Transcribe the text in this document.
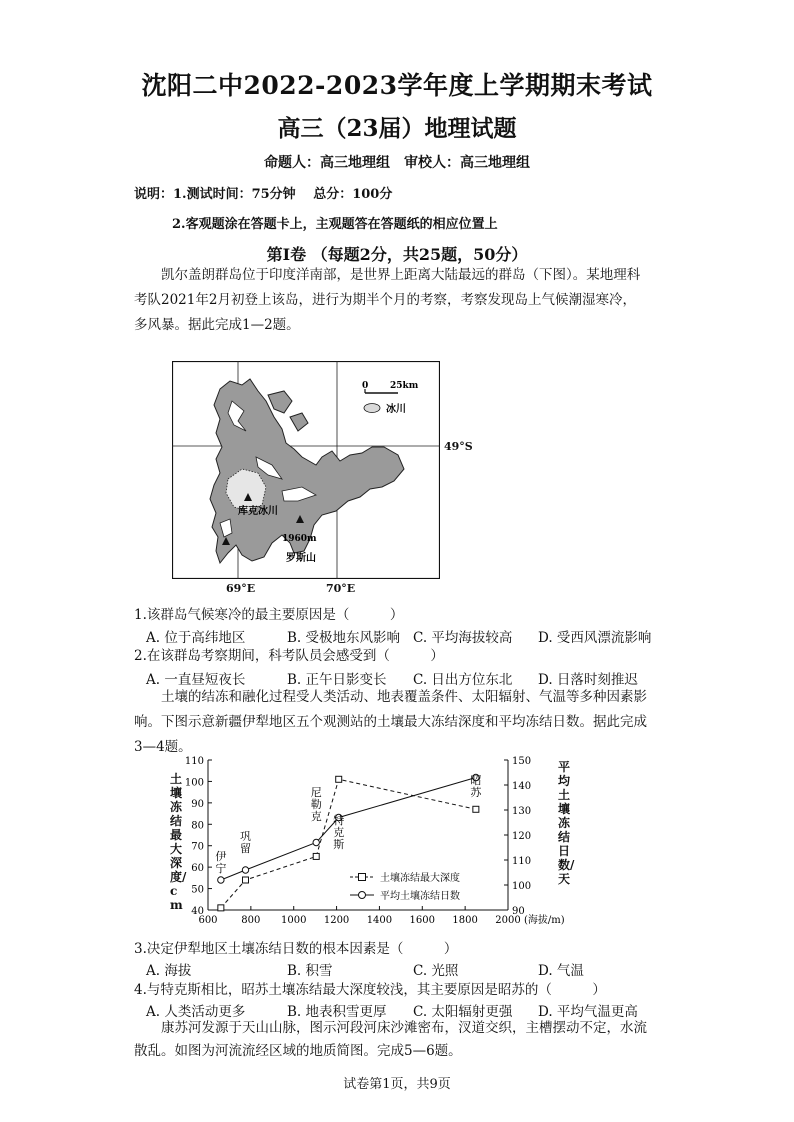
沈阳二中2022-2023学年度上学期期末考试
高三（23届）地理试题
命题人：高三地理组　审校人：高三地理组
说明：1.测试时间：75分钟　 总分：100分
2.客观题涂在答题卡上，主观题答在答题纸的相应位置上
第Ⅰ卷 （每题2分，共25题，50分）
凯尔盖朗群岛位于印度洋南部，是世界上距离大陆最远的群岛（下图）。某地理科
考队2021年2月初登上该岛，进行为期半个月的考察，考察发现岛上气候潮湿寒冷，
多风暴。据此完成1—2题。
0 25km
冰川
库克冰川
1960m
罗斯山
49°S
69°E	70°E
1.该群岛气候寒冷的最主要原因是（　　　）
A. 位于高纬地区	B. 受极地东风影响 C. 平均海拔较高	D. 受西风漂流影响
2.在该群岛考察期间，科考队员会感受到（　　　）
A. 一直昼短夜长	B. 正午日影变长	C. 日出方位东北	D. 日落时刻推迟
土壤的结冻和融化过程受人类活动、地表覆盖条件、太阳辐射、气温等多种因素影
响。下图示意新疆伊犁地区五个观测站的土壤最大冻结深度和平均冻结日数。据此完成
3—4题。
600 800 1000 1200 1400 1600 1800 2000
40
50
60
70
80
90
100
110
90
100
110
120
130
140
150
伊
宁
巩
留
尼
勒
克 特
克
斯
昭
苏
(海拔/m)
土壤冻结最大深度
平均土壤冻结日数
土壤冻结最大深度/cm
平均土壤冻结日数/天
3.决定伊犁地区土壤冻结日数的根本因素是（　　　）
A. 海拔	B. 积雪	C. 光照	D. 气温
4.与特克斯相比，昭苏土壤冻结最大深度较浅，其主要原因是昭苏的（　　　）
A. 人类活动更多	B. 地表积雪更厚	C. 太阳辐射更强	D. 平均气温更高
康苏河发源于天山山脉，图示河段河床沙滩密布，汊道交织，主槽摆动不定，水流
散乱。如图为河流流经区域的地质简图。完成5—6题。
试卷第1页，共9页
